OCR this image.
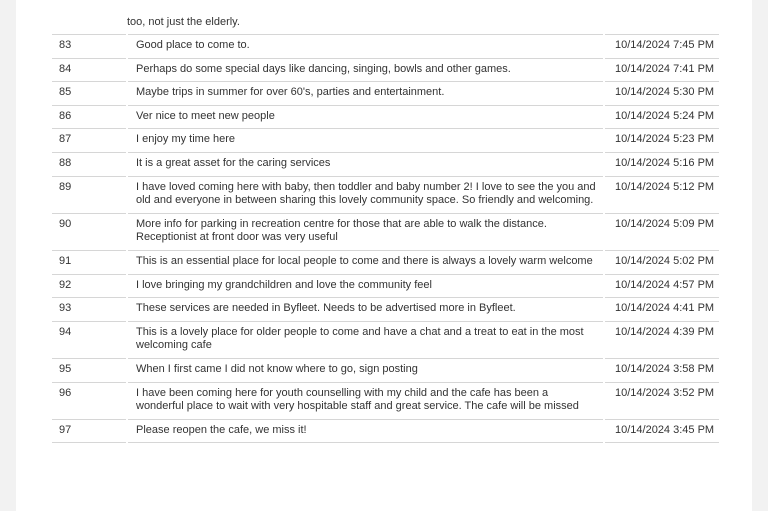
too, not just the elderly.
83	Good place to come to.	10/14/2024 7:45 PM
84	Perhaps do some special days like dancing, singing, bowls and other games.	10/14/2024 7:41 PM
85	Maybe trips in summer for over 60's, parties and entertainment.	10/14/2024 5:30 PM
86	Ver nice to meet new people	10/14/2024 5:24 PM
87	I enjoy my time here	10/14/2024 5:23 PM
88	It is a great asset for the caring services	10/14/2024 5:16 PM
89	I have loved coming here with baby, then toddler and baby number 2! I love to see the you and old and everyone in between sharing this lovely community space. So friendly and welcoming.	10/14/2024 5:12 PM
90	More info for parking in recreation centre for those that are able to walk the distance. Receptionist at front door was very useful	10/14/2024 5:09 PM
91	This is an essential place for local people to come and there is always a lovely warm welcome	10/14/2024 5:02 PM
92	I love bringing my grandchildren and love the community feel	10/14/2024 4:57 PM
93	These services are needed in Byfleet. Needs to be advertised more in Byfleet.	10/14/2024 4:41 PM
94	This is a lovely place for older people to come and have a chat and a treat to eat in the most welcoming cafe	10/14/2024 4:39 PM
95	When I first came I did not know where to go, sign posting	10/14/2024 3:58 PM
96	I have been coming here for youth counselling with my child and the cafe has been a wonderful place to wait with very hospitable staff and great service. The cafe will be missed	10/14/2024 3:52 PM
97	Please reopen the cafe, we miss it!	10/14/2024 3:45 PM
